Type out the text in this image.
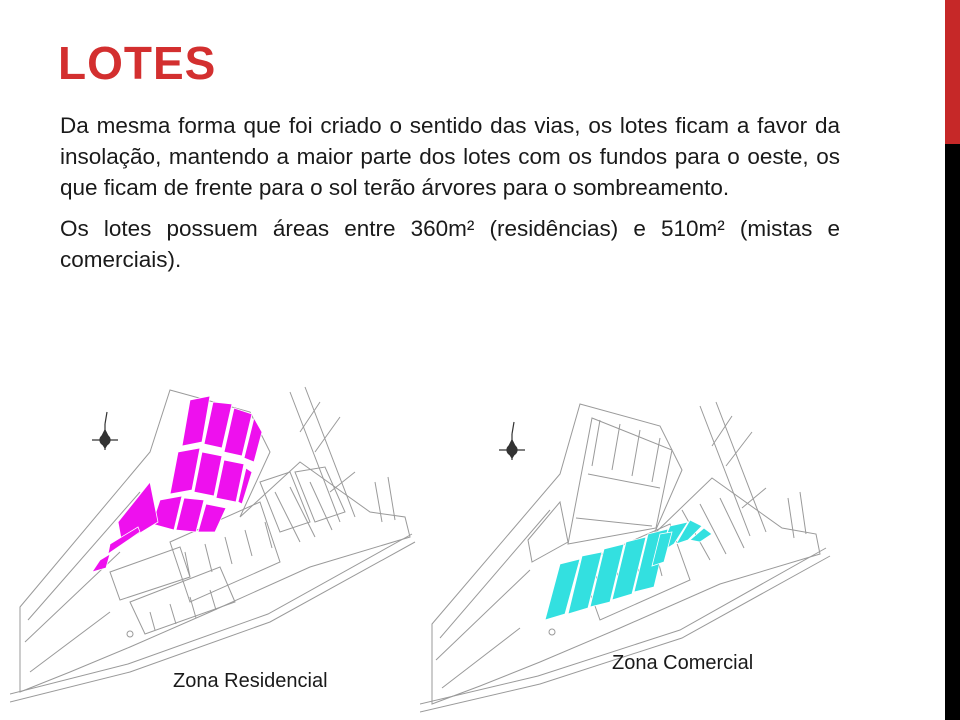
LOTES

Da mesma forma que foi criado o sentido das vias, os lotes ficam a favor da insolação, mantendo a maior parte dos lotes com os fundos para o oeste, os que ficam de frente para o sol terão árvores para o sombreamento.

Os lotes possuem áreas entre 360m² (residências) e 510m² (mistas e comerciais).

Zona Residencial
Zona Comercial
